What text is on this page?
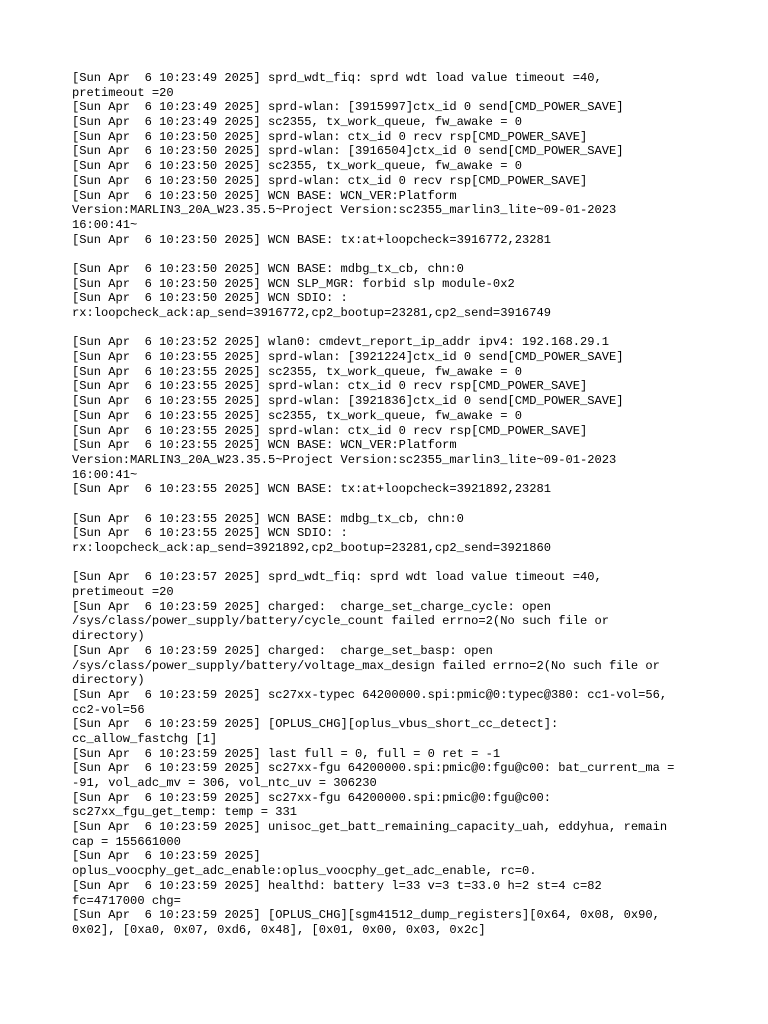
[Sun Apr  6 10:23:49 2025] sprd_wdt_fiq: sprd wdt load value timeout =40,
pretimeout =20
[Sun Apr  6 10:23:49 2025] sprd-wlan: [3915997]ctx_id 0 send[CMD_POWER_SAVE]
[Sun Apr  6 10:23:49 2025] sc2355, tx_work_queue, fw_awake = 0
[Sun Apr  6 10:23:50 2025] sprd-wlan: ctx_id 0 recv rsp[CMD_POWER_SAVE]
[Sun Apr  6 10:23:50 2025] sprd-wlan: [3916504]ctx_id 0 send[CMD_POWER_SAVE]
[Sun Apr  6 10:23:50 2025] sc2355, tx_work_queue, fw_awake = 0
[Sun Apr  6 10:23:50 2025] sprd-wlan: ctx_id 0 recv rsp[CMD_POWER_SAVE]
[Sun Apr  6 10:23:50 2025] WCN BASE: WCN_VER:Platform
Version:MARLIN3_20A_W23.35.5~Project Version:sc2355_marlin3_lite~09-01-2023
16:00:41~
[Sun Apr  6 10:23:50 2025] WCN BASE: tx:at+loopcheck=3916772,23281
[Sun Apr  6 10:23:50 2025] WCN BASE: mdbg_tx_cb, chn:0
[Sun Apr  6 10:23:50 2025] WCN SLP_MGR: forbid slp module-0x2
[Sun Apr  6 10:23:50 2025] WCN SDIO: :
rx:loopcheck_ack:ap_send=3916772,cp2_bootup=23281,cp2_send=3916749
[Sun Apr  6 10:23:52 2025] wlan0: cmdevt_report_ip_addr ipv4: 192.168.29.1
[Sun Apr  6 10:23:55 2025] sprd-wlan: [3921224]ctx_id 0 send[CMD_POWER_SAVE]
[Sun Apr  6 10:23:55 2025] sc2355, tx_work_queue, fw_awake = 0
[Sun Apr  6 10:23:55 2025] sprd-wlan: ctx_id 0 recv rsp[CMD_POWER_SAVE]
[Sun Apr  6 10:23:55 2025] sprd-wlan: [3921836]ctx_id 0 send[CMD_POWER_SAVE]
[Sun Apr  6 10:23:55 2025] sc2355, tx_work_queue, fw_awake = 0
[Sun Apr  6 10:23:55 2025] sprd-wlan: ctx_id 0 recv rsp[CMD_POWER_SAVE]
[Sun Apr  6 10:23:55 2025] WCN BASE: WCN_VER:Platform
Version:MARLIN3_20A_W23.35.5~Project Version:sc2355_marlin3_lite~09-01-2023
16:00:41~
[Sun Apr  6 10:23:55 2025] WCN BASE: tx:at+loopcheck=3921892,23281
[Sun Apr  6 10:23:55 2025] WCN BASE: mdbg_tx_cb, chn:0
[Sun Apr  6 10:23:55 2025] WCN SDIO: :
rx:loopcheck_ack:ap_send=3921892,cp2_bootup=23281,cp2_send=3921860
[Sun Apr  6 10:23:57 2025] sprd_wdt_fiq: sprd wdt load value timeout =40,
pretimeout =20
[Sun Apr  6 10:23:59 2025] charged:  charge_set_charge_cycle: open
/sys/class/power_supply/battery/cycle_count failed errno=2(No such file or
directory)
[Sun Apr  6 10:23:59 2025] charged:  charge_set_basp: open
/sys/class/power_supply/battery/voltage_max_design failed errno=2(No such file or
directory)
[Sun Apr  6 10:23:59 2025] sc27xx-typec 64200000.spi:pmic@0:typec@380: cc1-vol=56,
cc2-vol=56
[Sun Apr  6 10:23:59 2025] [OPLUS_CHG][oplus_vbus_short_cc_detect]:
cc_allow_fastchg [1]
[Sun Apr  6 10:23:59 2025] last full = 0, full = 0 ret = -1
[Sun Apr  6 10:23:59 2025] sc27xx-fgu 64200000.spi:pmic@0:fgu@c00: bat_current_ma =
-91, vol_adc_mv = 306, vol_ntc_uv = 306230
[Sun Apr  6 10:23:59 2025] sc27xx-fgu 64200000.spi:pmic@0:fgu@c00:
sc27xx_fgu_get_temp: temp = 331
[Sun Apr  6 10:23:59 2025] unisoc_get_batt_remaining_capacity_uah, eddyhua, remain
cap = 155661000
[Sun Apr  6 10:23:59 2025]
oplus_voocphy_get_adc_enable:oplus_voocphy_get_adc_enable, rc=0.
[Sun Apr  6 10:23:59 2025] healthd: battery l=33 v=3 t=33.0 h=2 st=4 c=82
fc=4717000 chg=
[Sun Apr  6 10:23:59 2025] [OPLUS_CHG][sgm41512_dump_registers][0x64, 0x08, 0x90,
0x02], [0xa0, 0x07, 0xd6, 0x48], [0x01, 0x00, 0x03, 0x2c]
